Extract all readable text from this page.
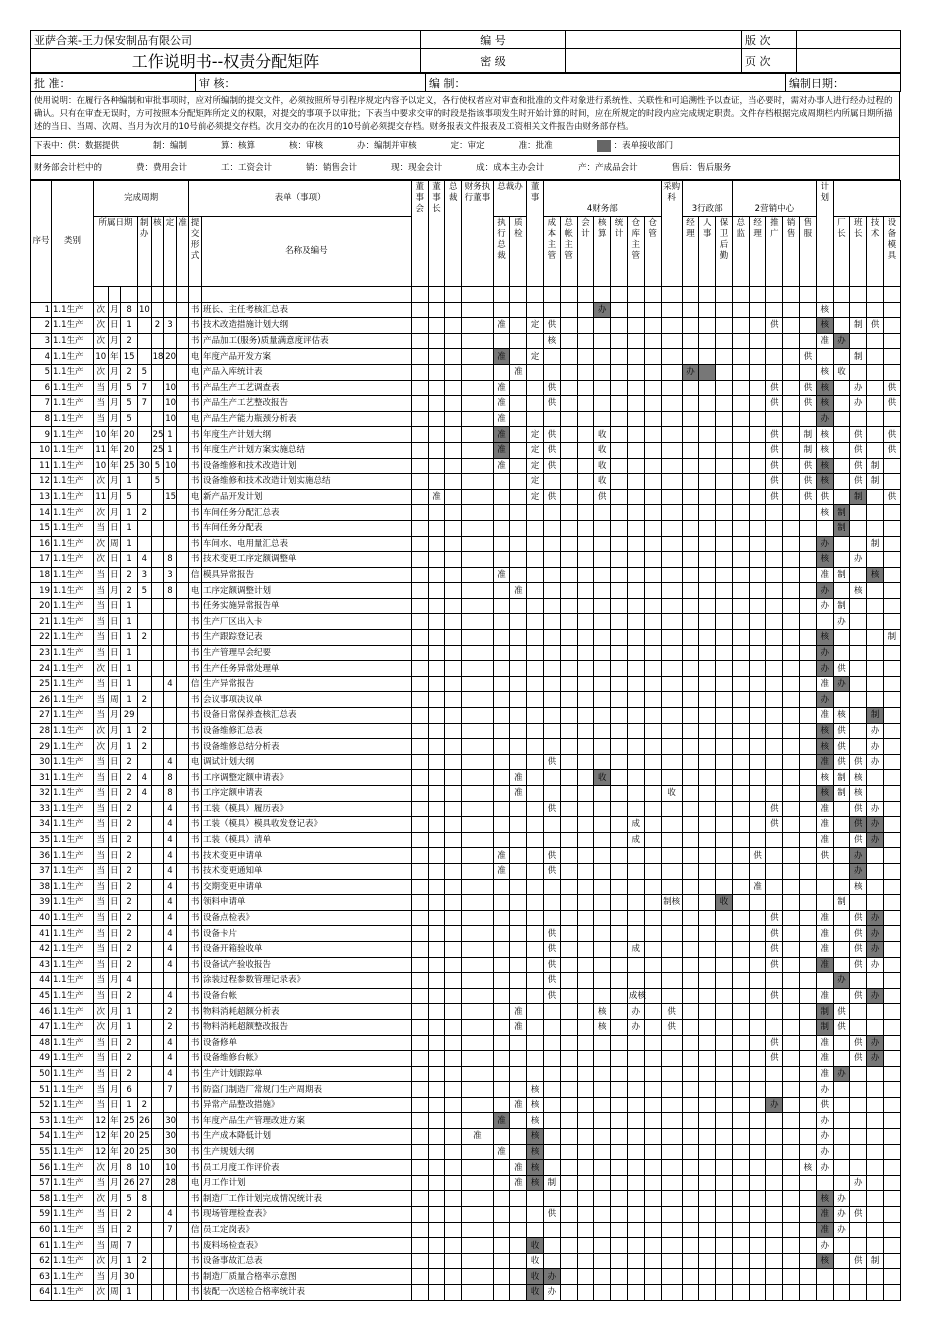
亚萨合莱-王力保安制品有限公司	编 号		版 次	
工作说明书--权责分配矩阵	密 级		页 次	
批 准：	审 核：	编 制：	编制日期：
使用说明：在履行各种编制和审批事项时，应对所编制的提交文件，必须按照所导引程序规定内容予以定义，各行使权者应对审查和批准的文件对象进行系统性、关联性和可追溯性予以查证，当必要时，需对办事人进行经办过程的确认。只有在审查无误时，方可按照本分配矩阵所定义的权限，对提交的事项予以审批；下表当中要求交审的时段是指该事项发生时开始计算的时间，应在所规定的时段内应完成规定职责。文件存档根据完成周期栏内所属日期所描述的当日、当周、次周、当月为次月的10号前必须提交存档。次月交办的在次月的10号前必须提交存档。财务报表文件报表及工资相关文件报告由财务部存档。
下表中：供：数据提供	制：编制	算：核算	核：审核	办：编制并审核	定：审定	准：批准	：表单接收部门
财务部会计栏中的	费：费用会计	工：工资会计	销：销售会计	现：现金会计	成：成本主办会计	产：产成品会计	售后：售后服务
序号	类别	完成周期							表单（事项）		董事会	董事长	总裁	财务执行董事	总裁办		董事	4财务部							采购科	3行政部			2营销中心					计划				
		所属日期			制办	核	定	准	提交形式	名称及编号					执行总裁	质检		成本主管	总帐主管	会计	核算	统计	仓库主管	仓管		经理	人事	保卫后勤	总监	经理	推广	销售	售服		厂长	班长	技术	设备模具

1	1.1生产	次	月	8	10				书	班长、主任考核汇总表											办													核				
2	1.1生产	次	日	1		2	3		书	技术改造措施计划大纲					准		定	供													供			核		制	供	
3	1.1生产	次	月	2					书	产品加工(服务)质量满意度评估表								核																准	办			
4	1.1生产	10	年	15		18	20		电	年度产品开发方案					准		定																供			制		
5	1.1生产	次	月	2	5				电	产品入库统计表						准										办								核	收			
6	1.1生产	当	月	5	7		10		书	产品生产工艺调查表					准			供													供		供	核		办		供
7	1.1生产	当	月	5	7		10		书	产品生产工艺整改报告					准			供													供		供	核		办		供
8	1.1生产	当	月	5			10		电	产品生产能力瓶颈分析表					准																			办				
9	1.1生产	10	年	20		25	1		书	年度生产计划大纲					准		定	供			收										供		制	核		供		供
10	1.1生产	11	年	20		25	1		书	年度生产计划方案实施总结					准		定	供			收										供		制	核		供		供
11	1.1生产	10	年	25	30	5	10		书	设备维修和技术改造计划					准		定	供			收										供		供	核		供	制	
12	1.1生产	次	月	1		5			书	设备维修和技术改造计划实施总结							定				收										供		供	核		供	制	
13	1.1生产	11	月	5			15		电	新产品开发计划		准					定	供			供										供		供	供		制		供
14	1.1生产	次	月	1	2				书	车间任务分配汇总表																								核	制			
15	1.1生产	当	日	1					书	车间任务分配表																									制			
16	1.1生产	次	周	1					书	车间水、电用量汇总表																								办			制	
17	1.1生产	次	日	1	4		8		书	技术变更工序定额调整单																								核		办		
18	1.1生产	当	日	2	3		3		信	模具异常报告					准																			准	制		核	
19	1.1生产	当	月	2	5		8		电	工序定额调整计划						准																		办		核		
20	1.1生产	当	日	1					书	任务实施异常报告单																								办	制			
21	1.1生产	当	日	1					书	生产厂区出入卡																									办			
22	1.1生产	当	日	1	2				书	生产跟踪登记表																								核				制
23	1.1生产	当	日	1					书	生产管理早会纪要																								办				
24	1.1生产	次	日	1					书	生产任务异常处理单																								办	供			
25	1.1生产	当	日	1			4		信	生产异常报告																								准	办			
26	1.1生产	当	周	1	2				书	会议事项决议单																								办				
27	1.1生产	当	月	29					书	设备日常保养查核汇总表																								准	核		制	
28	1.1生产	次	月	1	2				书	设备维修汇总表																								核	供		办	
29	1.1生产	次	月	1	2				书	设备维修总结分析表																								核	供		办	
30	1.1生产	当	日	2			4		电	调试计划大纲								供																准	供	供	办	
31	1.1生产	当	日	2	4		8		书	工序调整定额申请表》						准					收													核	制	核		
32	1.1生产	当	日	2	4		8		书	工序定额申请表						准									收									核	制	核		
33	1.1生产	当	日	2			4		书	工装（模具）履历表》								供													供			准		供	办	
34	1.1生产	当	日	2			4		书	工装（模具）模具收发登记表》													成								供			准		供	办	
35	1.1生产	当	日	2			4		书	工装（模具）清单													成											准		供	办	
36	1.1生产	当	日	2			4		书	技术变更申请单					准			供												供				供		办		
37	1.1生产	当	日	2			4		书	技术变更通知单					准			供																		办		
38	1.1生产	当	日	2			4		书	交期变更申请单																				准						核		
39	1.1生产	当	日	2			4		书	领料申请单															制核			收							制			
40	1.1生产	当	日	2			4		书	设备点检表》																					供			准		供	办	
41	1.1生产	当	日	2			4		书	设备卡片								供													供			准		供	办	
42	1.1生产	当	日	2			4		书	设备开箱验收单								供					成								供			准		供	办	
43	1.1生产	当	日	2			4		书	设备试产验收报告								供													供			准		供	办	
44	1.1生产	当	月	4					书	涂装过程参数管理记录表》								供																	办			
45	1.1生产	当	日	2			4		书	设备台帐								供					成核								供			准		供	办	
46	1.1生产	次	月	1			2		书	物料消耗超额分析表						准					核		办		供									制	供			
47	1.1生产	次	月	1			2		书	物料消耗超额整改报告						准					核		办		供									制	供			
48	1.1生产	当	日	2			4		书	设备修单																					供			准		供	办	
49	1.1生产	当	日	2			4		书	设备维修台帐》																					供			准		供	办	
50	1.1生产	当	日	2			4		书	生产计划跟踪单																								准	办			
51	1.1生产	当	月	6			7		书	防盗门制造厂常规门生产周期表							核																	办				
52	1.1生产	当	日	1	2				书	异常产品整改措施》						准	核														办			供				
53	1.1生产	12	年	25	26		30		书	年度产品生产管理改进方案					准		核																	办				
54	1.1生产	12	年	20	25		30		书	生产成本降低计划				准			核																	办				
55	1.1生产	12	年	20	25		30		书	生产规划大纲					准		核																	办				
56	1.1生产	次	月	8	10		10		书	员工月度工作评价表						准	核																核	办				
57	1.1生产	当	月	26	27		28		电	月工作计划						准	核	制																		办		
58	1.1生产	次	月	5	8				书	制造厂工作计划完成情况统计表																								核	办			
59	1.1生产	当	日	2			4		书	现场管理检查表》								供																准	办	供		
60	1.1生产	当	日	2			7		信	员工定岗表》																								准	办			
61	1.1生产	当	周	7					书	废料场检查表》							收																	办				
62	1.1生产	次	月	1	2				书	设备事故汇总表							收																	核		供	制	
63	1.1生产	当	月	30					书	制造厂质量合格率示意图							收	办																				
64	1.1生产	次	周	1					书	装配一次送检合格率统计表							收	办																				
